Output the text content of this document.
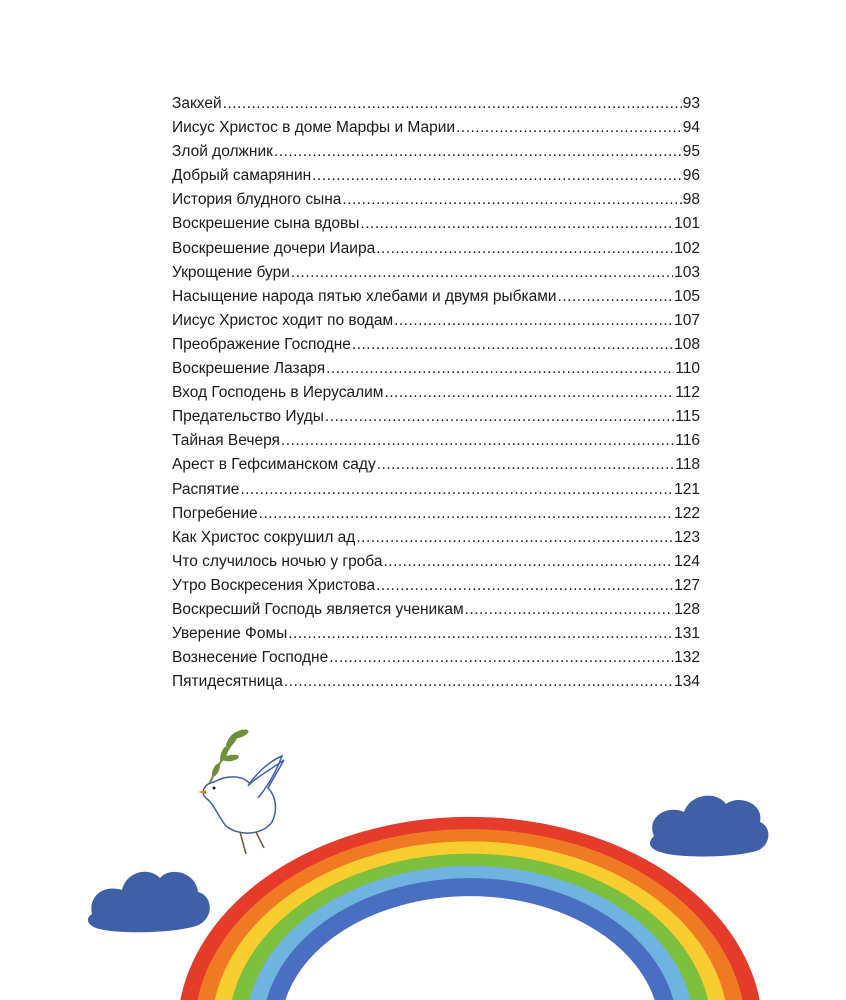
Закхей .....	93
Иисус Христос в доме Марфы и Марии .....	94
Злой должник .....	95
Добрый самарянин .....	96
История блудного сына .....	98
Воскрешение сына вдовы .....	101
Воскрешение дочери Иаира .....	102
Укрощение бури .....	103
Насыщение народа пятью хлебами и двумя рыбками .....	105
Иисус Христос ходит по водам .....	107
Преображение Господне .....	108
Воскрешение Лазаря .....	110
Вход Господень в Иерусалим .....	112
Предательство Иуды .....	115
Тайная Вечеря .....	116
Арест в Гефсиманском саду .....	118
Распятие .....	121
Погребение .....	122
Как Христос сокрушил ад .....	123
Что случилось ночью у гроба .....	124
Утро Воскресения Христова .....	127
Воскресший Господь является ученикам .....	128
Уверение Фомы .....	131
Вознесение Господне .....	132
Пятидесятница .....	134
